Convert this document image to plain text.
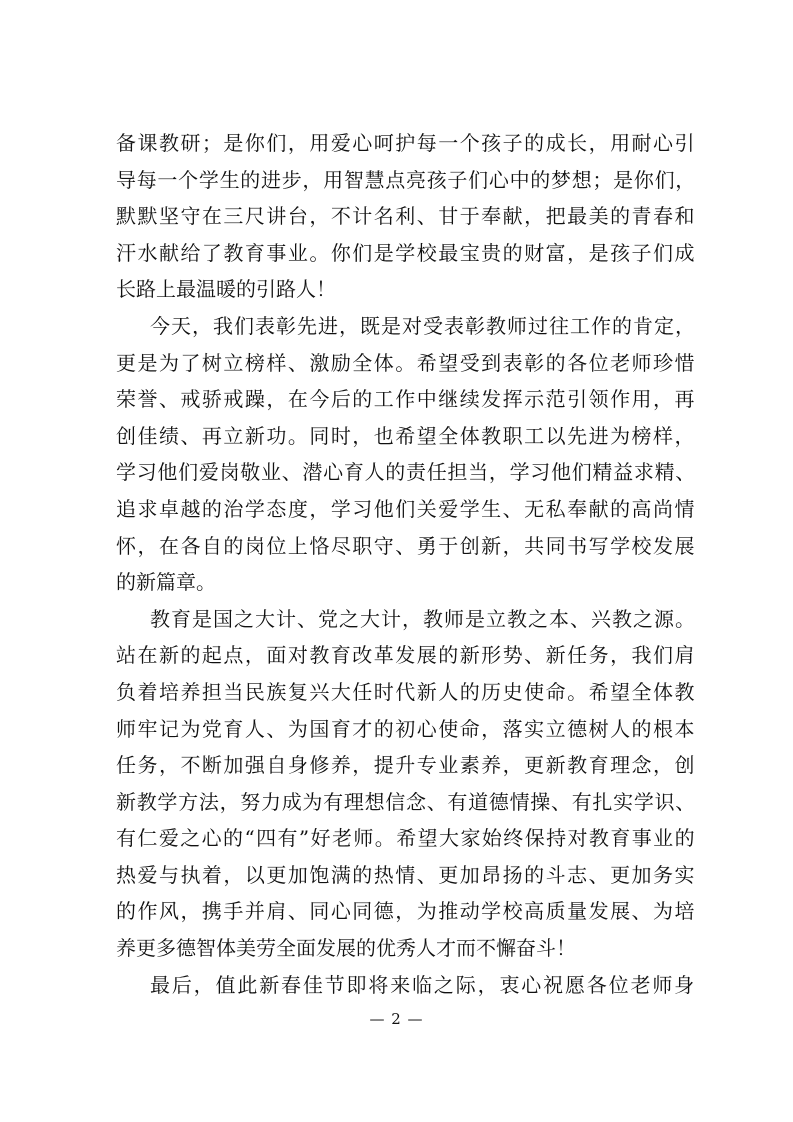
备课教研；是你们，用爱心呵护每一个孩子的成长，用耐心引
导每一个学生的进步，用智慧点亮孩子们心中的梦想；是你们，
默默坚守在三尺讲台，不计名利、甘于奉献，把最美的青春和
汗水献给了教育事业。你们是学校最宝贵的财富，是孩子们成
长路上最温暖的引路人！
今天，我们表彰先进，既是对受表彰教师过往工作的肯定，
更是为了树立榜样、激励全体。希望受到表彰的各位老师珍惜
荣誉、戒骄戒躁，在今后的工作中继续发挥示范引领作用，再
创佳绩、再立新功。同时，也希望全体教职工以先进为榜样，
学习他们爱岗敬业、潜心育人的责任担当，学习他们精益求精、
追求卓越的治学态度，学习他们关爱学生、无私奉献的高尚情
怀，在各自的岗位上恪尽职守、勇于创新，共同书写学校发展
的新篇章。
教育是国之大计、党之大计，教师是立教之本、兴教之源。
站在新的起点，面对教育改革发展的新形势、新任务，我们肩
负着培养担当民族复兴大任时代新人的历史使命。希望全体教
师牢记为党育人、为国育才的初心使命，落实立德树人的根本
任务，不断加强自身修养，提升专业素养，更新教育理念，创
新教学方法，努力成为有理想信念、有道德情操、有扎实学识、
有仁爱之心的“四有”好老师。希望大家始终保持对教育事业的
热爱与执着，以更加饱满的热情、更加昂扬的斗志、更加务实
的作风，携手并肩、同心同德，为推动学校高质量发展、为培
养更多德智体美劳全面发展的优秀人才而不懈奋斗！
最后，值此新春佳节即将来临之际，衷心祝愿各位老师身
— 2 —
